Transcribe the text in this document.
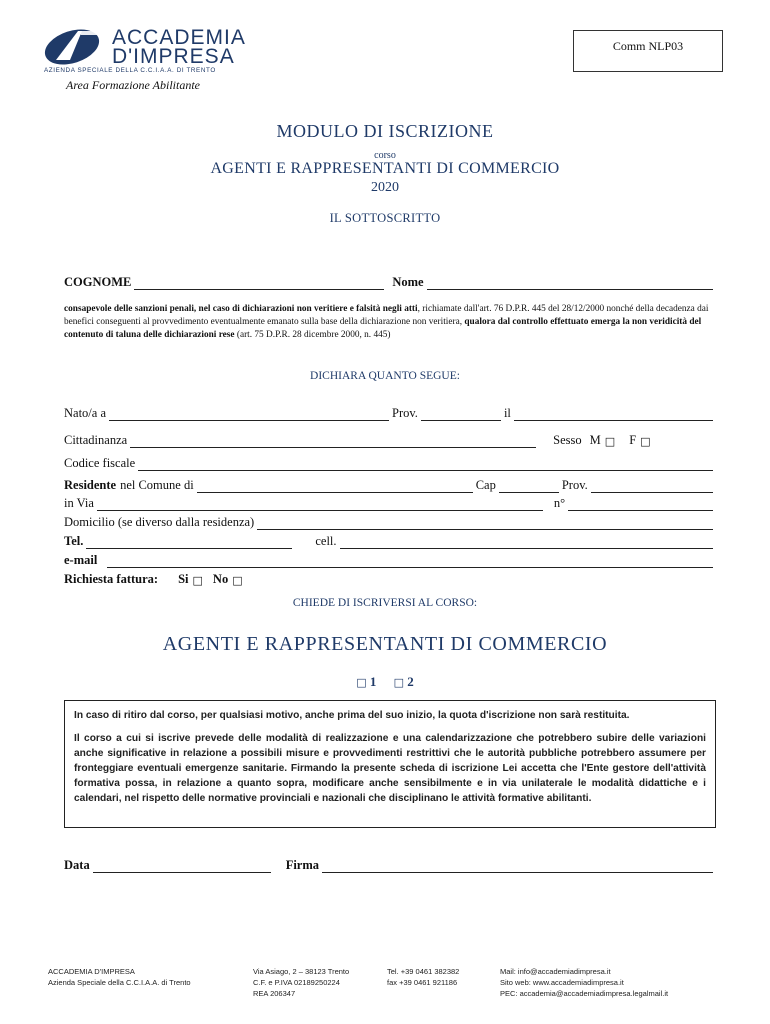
ACCADEMIA
D'IMPRESA
AZIENDA SPECIALE DELLA C.C.I.A.A. DI TRENTO
Area Formazione Abilitante
Comm NLP03
MODULO DI ISCRIZIONE
corso
AGENTI E RAPPRESENTANTI DI COMMERCIO
2020
IL SOTTOSCRITTO
COGNOME	Nome
consapevole delle sanzioni penali, nel caso di dichiarazioni non veritiere e falsità negli atti, richiamate dall'art. 76 D.P.R. 445 del 28/12/2000 nonché della decadenza dai benefici conseguenti al provvedimento eventualmente emanato sulla base della dichiarazione non veritiera, qualora dal controllo effettuato emerga la non veridicità del contenuto di taluna delle dichiarazioni rese (art. 75 D.P.R. 28 dicembre 2000, n. 445)
DICHIARA QUANTO SEGUE:
Nato/a a	Prov.	il
Cittadinanza	Sesso M □ F □
Codice fiscale
Residente nel Comune di	Cap	Prov.
in Via	n°
Domicilio (se diverso dalla residenza)
Tel.	cell.
e-mail
Richiesta fattura: Si □ No □
CHIEDE DI ISCRIVERSI AL CORSO:
AGENTI E RAPPRESENTANTI DI COMMERCIO
□ 1 □ 2

In caso di ritiro dal corso, per qualsiasi motivo, anche prima del suo inizio, la quota d'iscrizione non sarà restituita.

Il corso a cui si iscrive prevede delle modalità di realizzazione e una calendarizzazione che potrebbero subire delle variazioni anche significative in relazione a possibili misure e provvedimenti restrittivi che le autorità pubbliche potrebbero assumere per fronteggiare eventuali emergenze sanitarie. Firmando la presente scheda di iscrizione Lei accetta che l'Ente gestore dell'attività formativa possa, in relazione a quanto sopra, modificare anche sensibilmente e in via unilaterale le modalità didattiche e i calendari, nel rispetto delle normative provinciali e nazionali che disciplinano le attività formative abilitanti.

Data	Firma
ACCADEMIA D'IMPRESA
Azienda Speciale della C.C.I.A.A. di Trento
Via Asiago, 2 – 38123 Trento
C.F. e P.IVA 02189250224
REA 206347
Tel. +39 0461 382382
fax +39 0461 921186
Mail: info@accademiadimpresa.it
Sito web: www.accademiadimpresa.it
PEC: accademia@accademiadimpresa.legalmail.it
